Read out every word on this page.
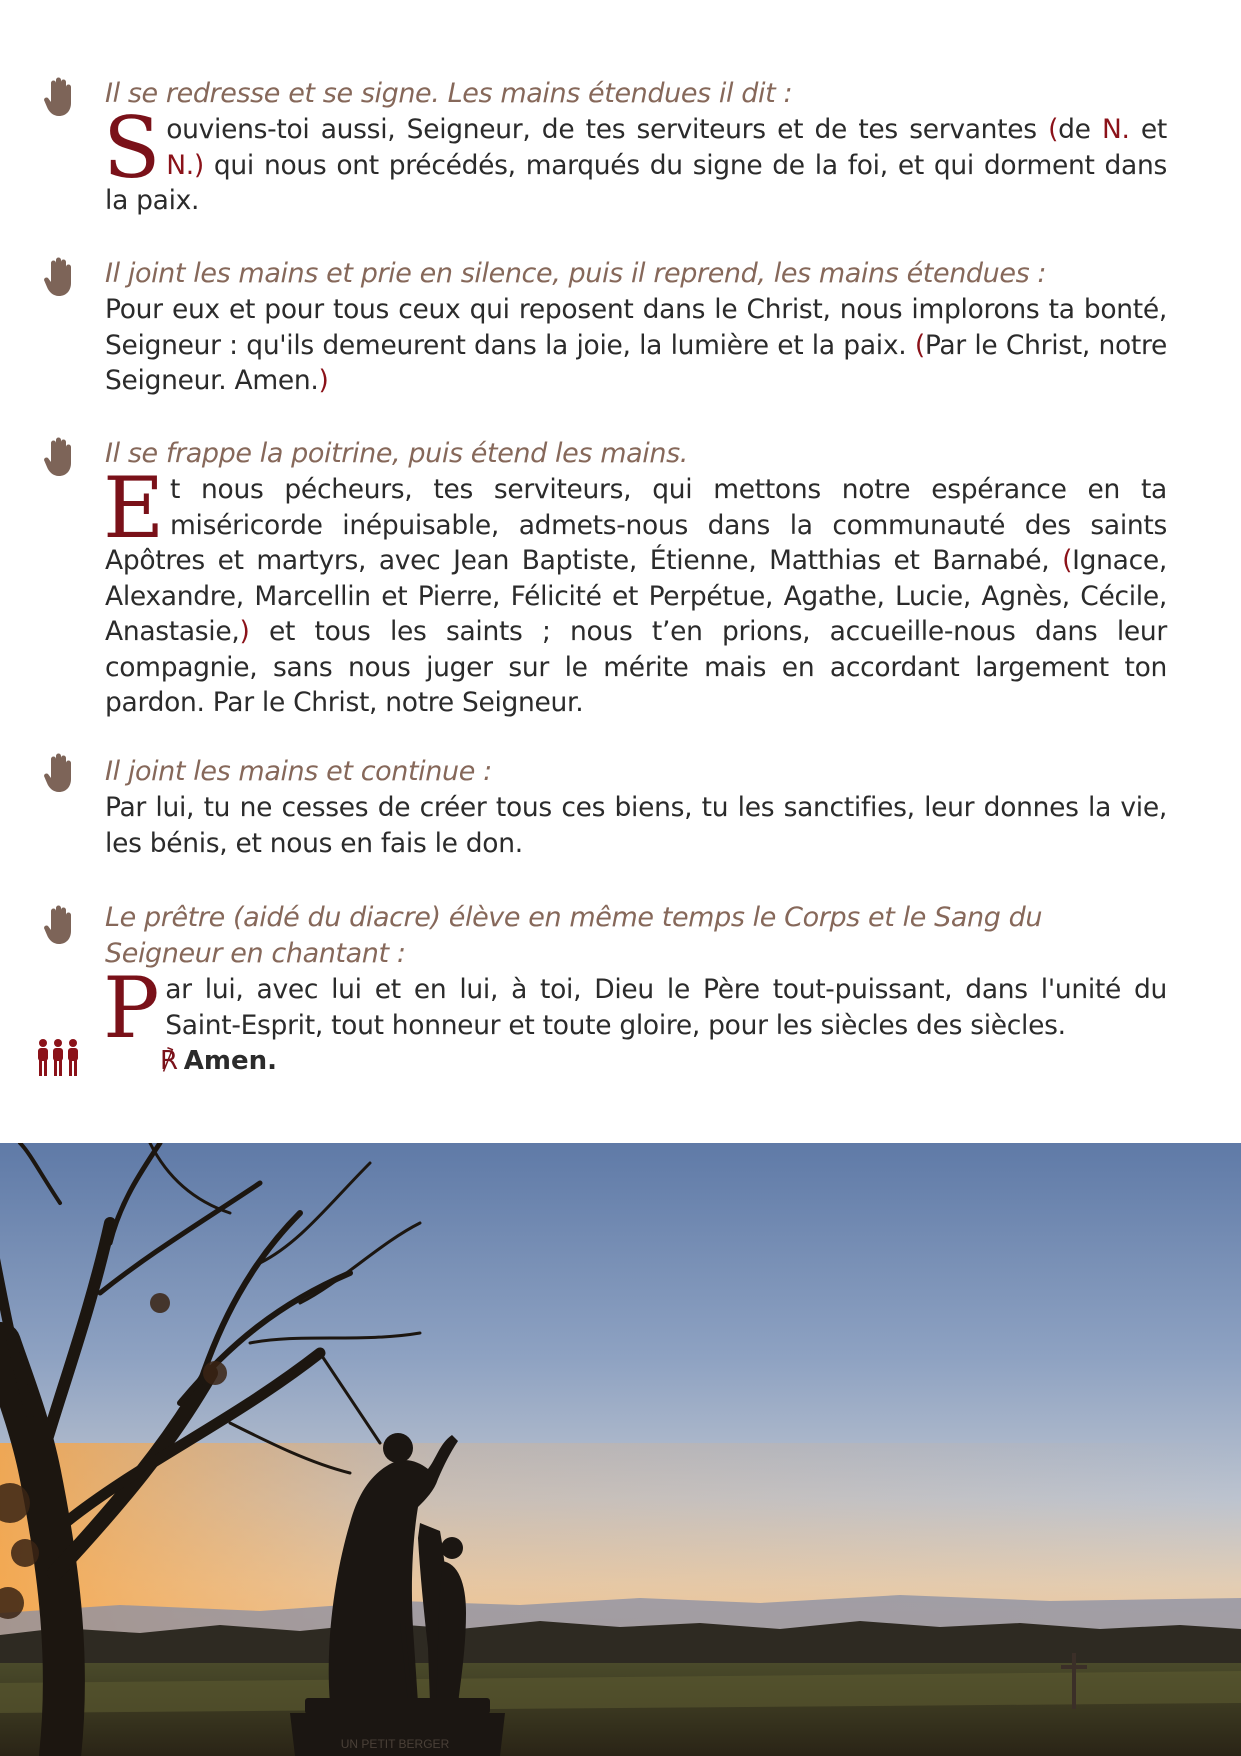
Il se redresse et se signe. Les mains étendues il dit :
Souviens-toi aussi, Seigneur, de tes serviteurs et de tes servantes (de N. et N.) qui nous ont précédés, marqués du signe de la foi, et qui dorment dans la paix.
Il joint les mains et prie en silence, puis il reprend, les mains étendues :
Pour eux et pour tous ceux qui reposent dans le Christ, nous implorons ta bonté, Seigneur : qu'ils demeurent dans la joie, la lumière et la paix. (Par le Christ, notre Seigneur. Amen.)
Il se frappe la poitrine, puis étend les mains.
Et nous pécheurs, tes serviteurs, qui mettons notre espérance en ta miséricorde inépuisable, admets-nous dans la communauté des saints Apôtres et martyrs, avec Jean Baptiste, Étienne, Matthias et Barnabé, (Ignace, Alexandre, Marcellin et Pierre, Félicité et Perpétue, Agathe, Lucie, Agnès, Cécile, Anastasie,) et tous les saints ; nous t’en prions, accueille-nous dans leur compagnie, sans nous juger sur le mérite mais en accordant largement ton pardon. Par le Christ, notre Seigneur.
Il joint les mains et continue :
Par lui, tu ne cesses de créer tous ces biens, tu les sanctifies, leur donnes la vie, les bénis, et nous en fais le don.
Le prêtre (aidé du diacre) élève en même temps le Corps et le Sang du Seigneur en chantant :
Par lui, avec lui et en lui, à toi, Dieu le Père tout-puissant, dans l'unité du Saint-Esprit, tout honneur et toute gloire, pour les siècles des siècles.
℟ Amen.
UN PETIT BERGER
